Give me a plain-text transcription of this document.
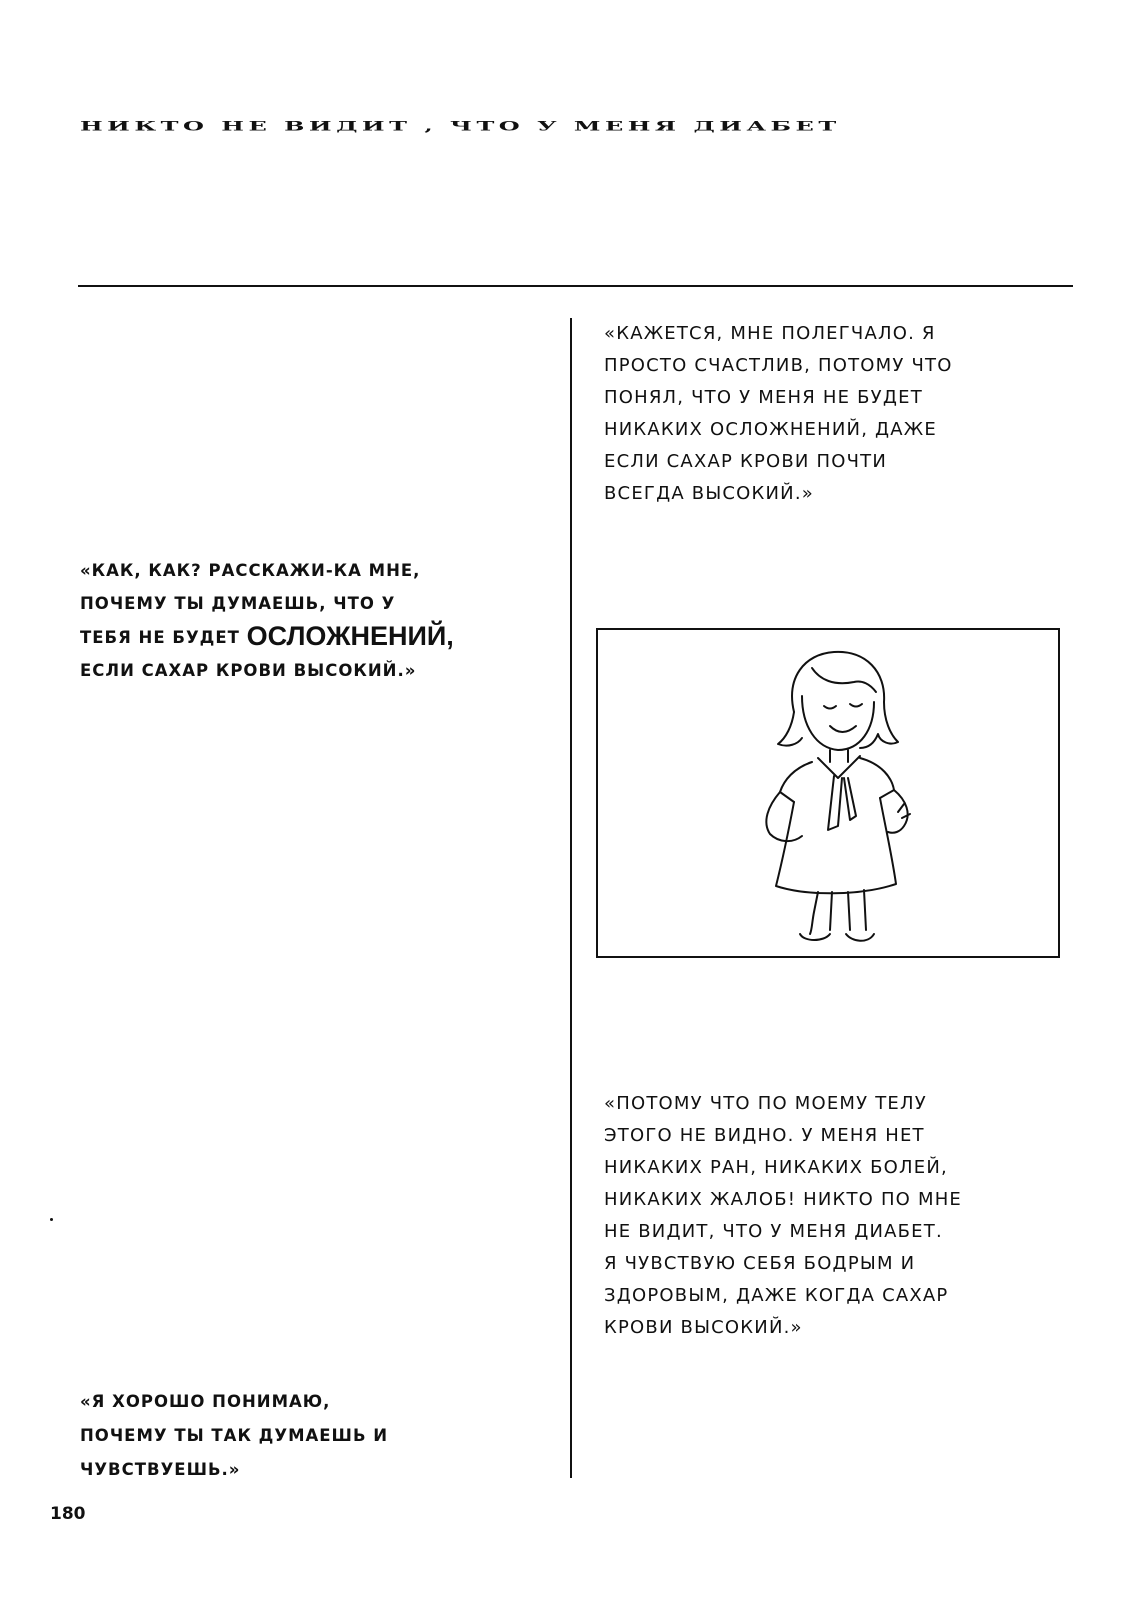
НИКТО НЕ ВИДИТ , ЧТО У МЕНЯ ДИАБЕТ
«КАЖЕТСЯ, МНЕ ПОЛЕГЧАЛО. Я
ПРОСТО СЧАСТЛИВ, ПОТОМУ ЧТО
ПОНЯЛ, ЧТО У МЕНЯ НЕ БУДЕТ
НИКАКИХ ОСЛОЖНЕНИЙ, ДАЖЕ
ЕСЛИ САХАР КРОВИ ПОЧТИ
ВСЕГДА ВЫСОКИЙ.»
«КАК, КАК? РАССКАЖИ-КА МНЕ,
ПОЧЕМУ ТЫ ДУМАЕШЬ, ЧТО У
ТЕБЯ НЕ БУДЕТ ОСЛОЖНЕНИЙ,
ЕСЛИ САХАР КРОВИ ВЫСОКИЙ.»
«ПОТОМУ ЧТО ПО МОЕМУ ТЕЛУ
ЭТОГО НЕ ВИДНО. У МЕНЯ НЕТ
НИКАКИХ РАН, НИКАКИХ БОЛЕЙ,
НИКАКИХ ЖАЛОБ! НИКТО ПО МНЕ
НЕ ВИДИТ, ЧТО У МЕНЯ ДИАБЕТ.
Я ЧУВСТВУЮ СЕБЯ БОДРЫМ И
ЗДОРОВЫМ, ДАЖЕ КОГДА САХАР
КРОВИ ВЫСОКИЙ.»
«Я ХОРОШО ПОНИМАЮ,
ПОЧЕМУ ТЫ ТАК ДУМАЕШЬ И
ЧУВСТВУЕШЬ.»
180
